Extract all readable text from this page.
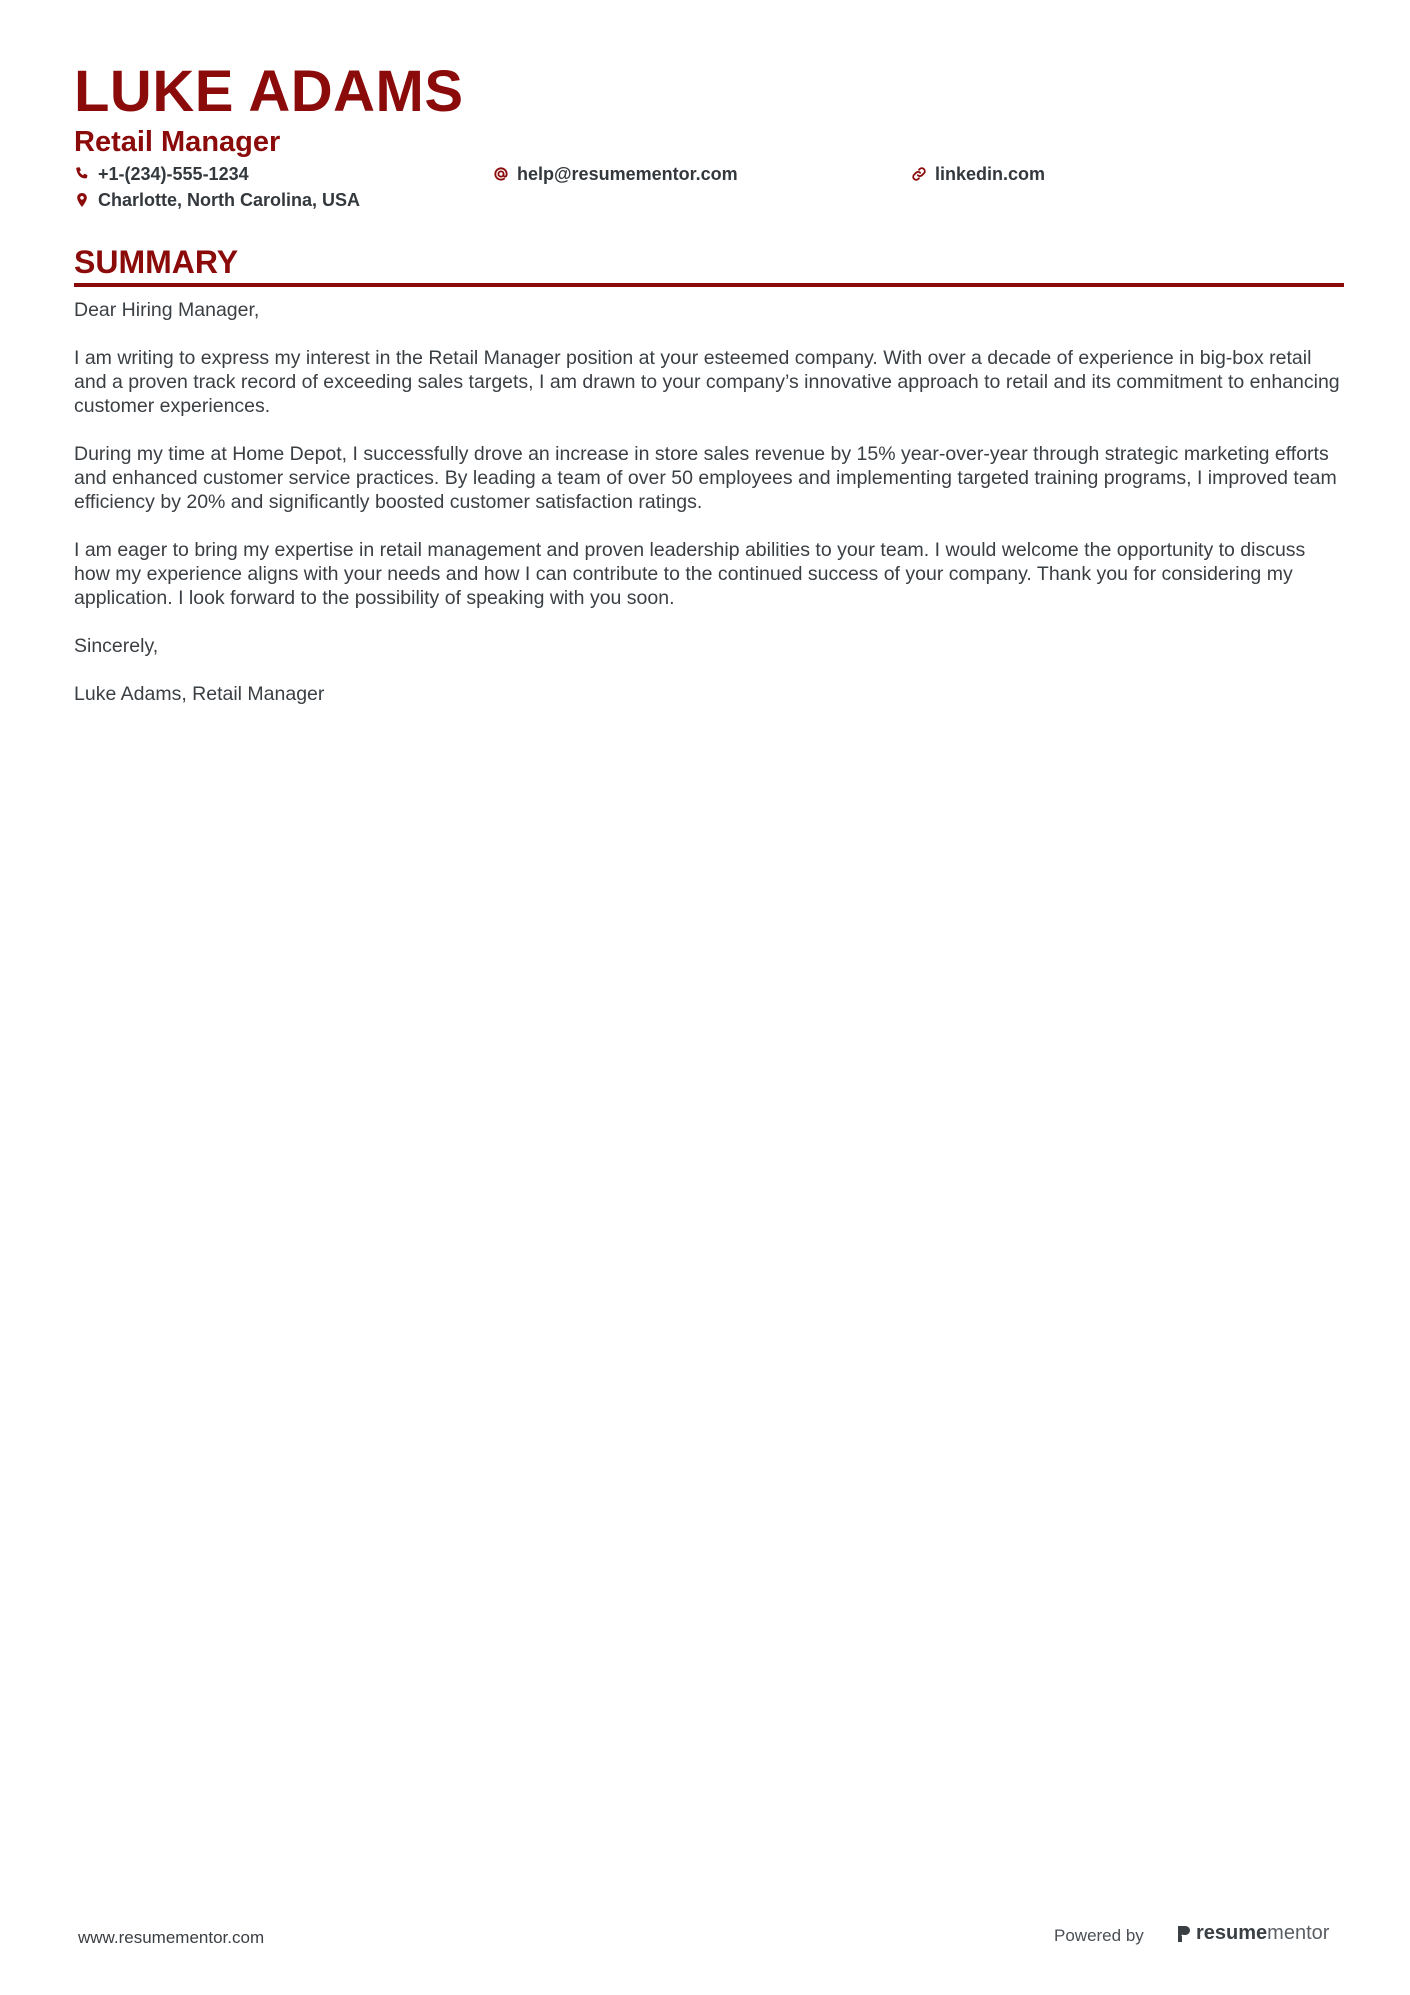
LUKE ADAMS
Retail Manager
+1-(234)-555-1234	help@resumementor.com	linkedin.com
Charlotte, North Carolina, USA
SUMMARY

Dear Hiring Manager,

I am writing to express my interest in the Retail Manager position at your esteemed company. With over a decade of experience in big-box retail and a proven track record of exceeding sales targets, I am drawn to your company’s innovative approach to retail and its commitment to enhancing customer experiences.

During my time at Home Depot, I successfully drove an increase in store sales revenue by 15% year-over-year through strategic marketing efforts and enhanced customer service practices. By leading a team of over 50 employees and implementing targeted training programs, I improved team efficiency by 20% and significantly boosted customer satisfaction ratings.

I am eager to bring my expertise in retail management and proven leadership abilities to your team. I would welcome the opportunity to discuss how my experience aligns with your needs and how I can contribute to the continued success of your company. Thank you for considering my application. I look forward to the possibility of speaking with you soon.

Sincerely,

Luke Adams, Retail Manager

www.resumementor.com	Powered by	resume mentor
